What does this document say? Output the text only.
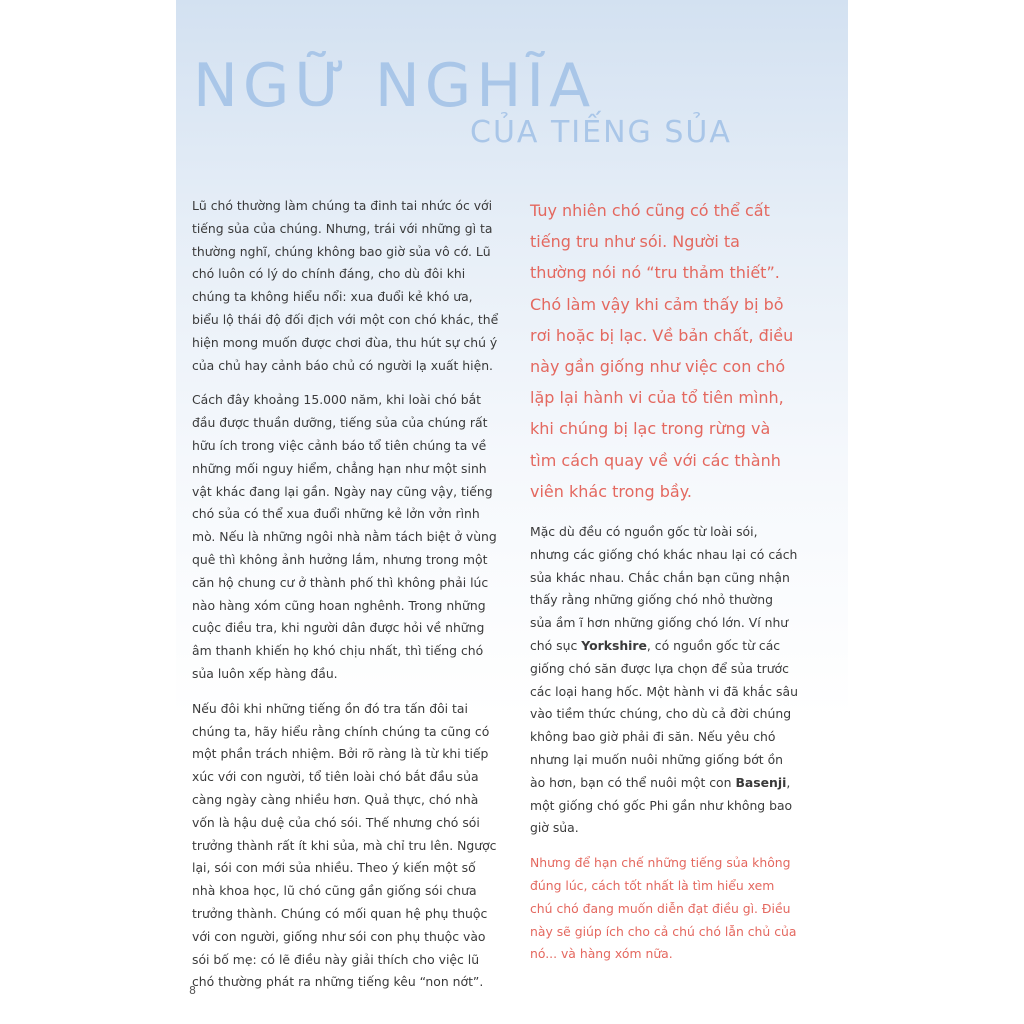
NGỮ NGHĨA
CỦA TIẾNG SỦA

Lũ chó thường làm chúng ta đinh tai nhức óc với tiếng sủa của chúng. Nhưng, trái với những gì ta thường nghĩ, chúng không bao giờ sủa vô cớ. Lũ chó luôn có lý do chính đáng, cho dù đôi khi chúng ta không hiểu nổi: xua đuổi kẻ khó ưa, biểu lộ thái độ đối địch với một con chó khác, thể hiện mong muốn được chơi đùa, thu hút sự chú ý của chủ hay cảnh báo chủ có người lạ xuất hiện.

Cách đây khoảng 15.000 năm, khi loài chó bắt đầu được thuần dưỡng, tiếng sủa của chúng rất hữu ích trong việc cảnh báo tổ tiên chúng ta về những mối nguy hiểm, chẳng hạn như một sinh vật khác đang lại gần. Ngày nay cũng vậy, tiếng chó sủa có thể xua đuổi những kẻ lởn vởn rình mò. Nếu là những ngôi nhà nằm tách biệt ở vùng quê thì không ảnh hưởng lắm, nhưng trong một căn hộ chung cư ở thành phố thì không phải lúc nào hàng xóm cũng hoan nghênh. Trong những cuộc điều tra, khi người dân được hỏi về những âm thanh khiến họ khó chịu nhất, thì tiếng chó sủa luôn xếp hàng đầu.

Nếu đôi khi những tiếng ồn đó tra tấn đôi tai chúng ta, hãy hiểu rằng chính chúng ta cũng có một phần trách nhiệm. Bởi rõ ràng là từ khi tiếp xúc với con người, tổ tiên loài chó bắt đầu sủa càng ngày càng nhiều hơn. Quả thực, chó nhà vốn là hậu duệ của chó sói. Thế nhưng chó sói trưởng thành rất ít khi sủa, mà chỉ tru lên. Ngược lại, sói con mới sủa nhiều. Theo ý kiến một số nhà khoa học, lũ chó cũng gần giống sói chưa trưởng thành. Chúng có mối quan hệ phụ thuộc với con người, giống như sói con phụ thuộc vào sói bố mẹ: có lẽ điều này giải thích cho việc lũ chó thường phát ra những tiếng kêu “non nớt”.

Tuy nhiên chó cũng có thể cất tiếng tru như sói. Người ta thường nói nó “tru thảm thiết”. Chó làm vậy khi cảm thấy bị bỏ rơi hoặc bị lạc. Về bản chất, điều này gần giống như việc con chó lặp lại hành vi của tổ tiên mình, khi chúng bị lạc trong rừng và tìm cách quay về với các thành viên khác trong bầy.

Mặc dù đều có nguồn gốc từ loài sói, nhưng các giống chó khác nhau lại có cách sủa khác nhau. Chắc chắn bạn cũng nhận thấy rằng những giống chó nhỏ thường sủa ầm ĩ hơn những giống chó lớn. Ví như chó sục Yorkshire, có nguồn gốc từ các giống chó săn được lựa chọn để sủa trước các loại hang hốc. Một hành vi đã khắc sâu vào tiềm thức chúng, cho dù cả đời chúng không bao giờ phải đi săn. Nếu yêu chó nhưng lại muốn nuôi những giống bớt ồn ào hơn, bạn có thể nuôi một con Basenji, một giống chó gốc Phi gần như không bao giờ sủa.

Nhưng để hạn chế những tiếng sủa không đúng lúc, cách tốt nhất là tìm hiểu xem chú chó đang muốn diễn đạt điều gì. Điều này sẽ giúp ích cho cả chú chó lẫn chủ của nó... và hàng xóm nữa.

8
